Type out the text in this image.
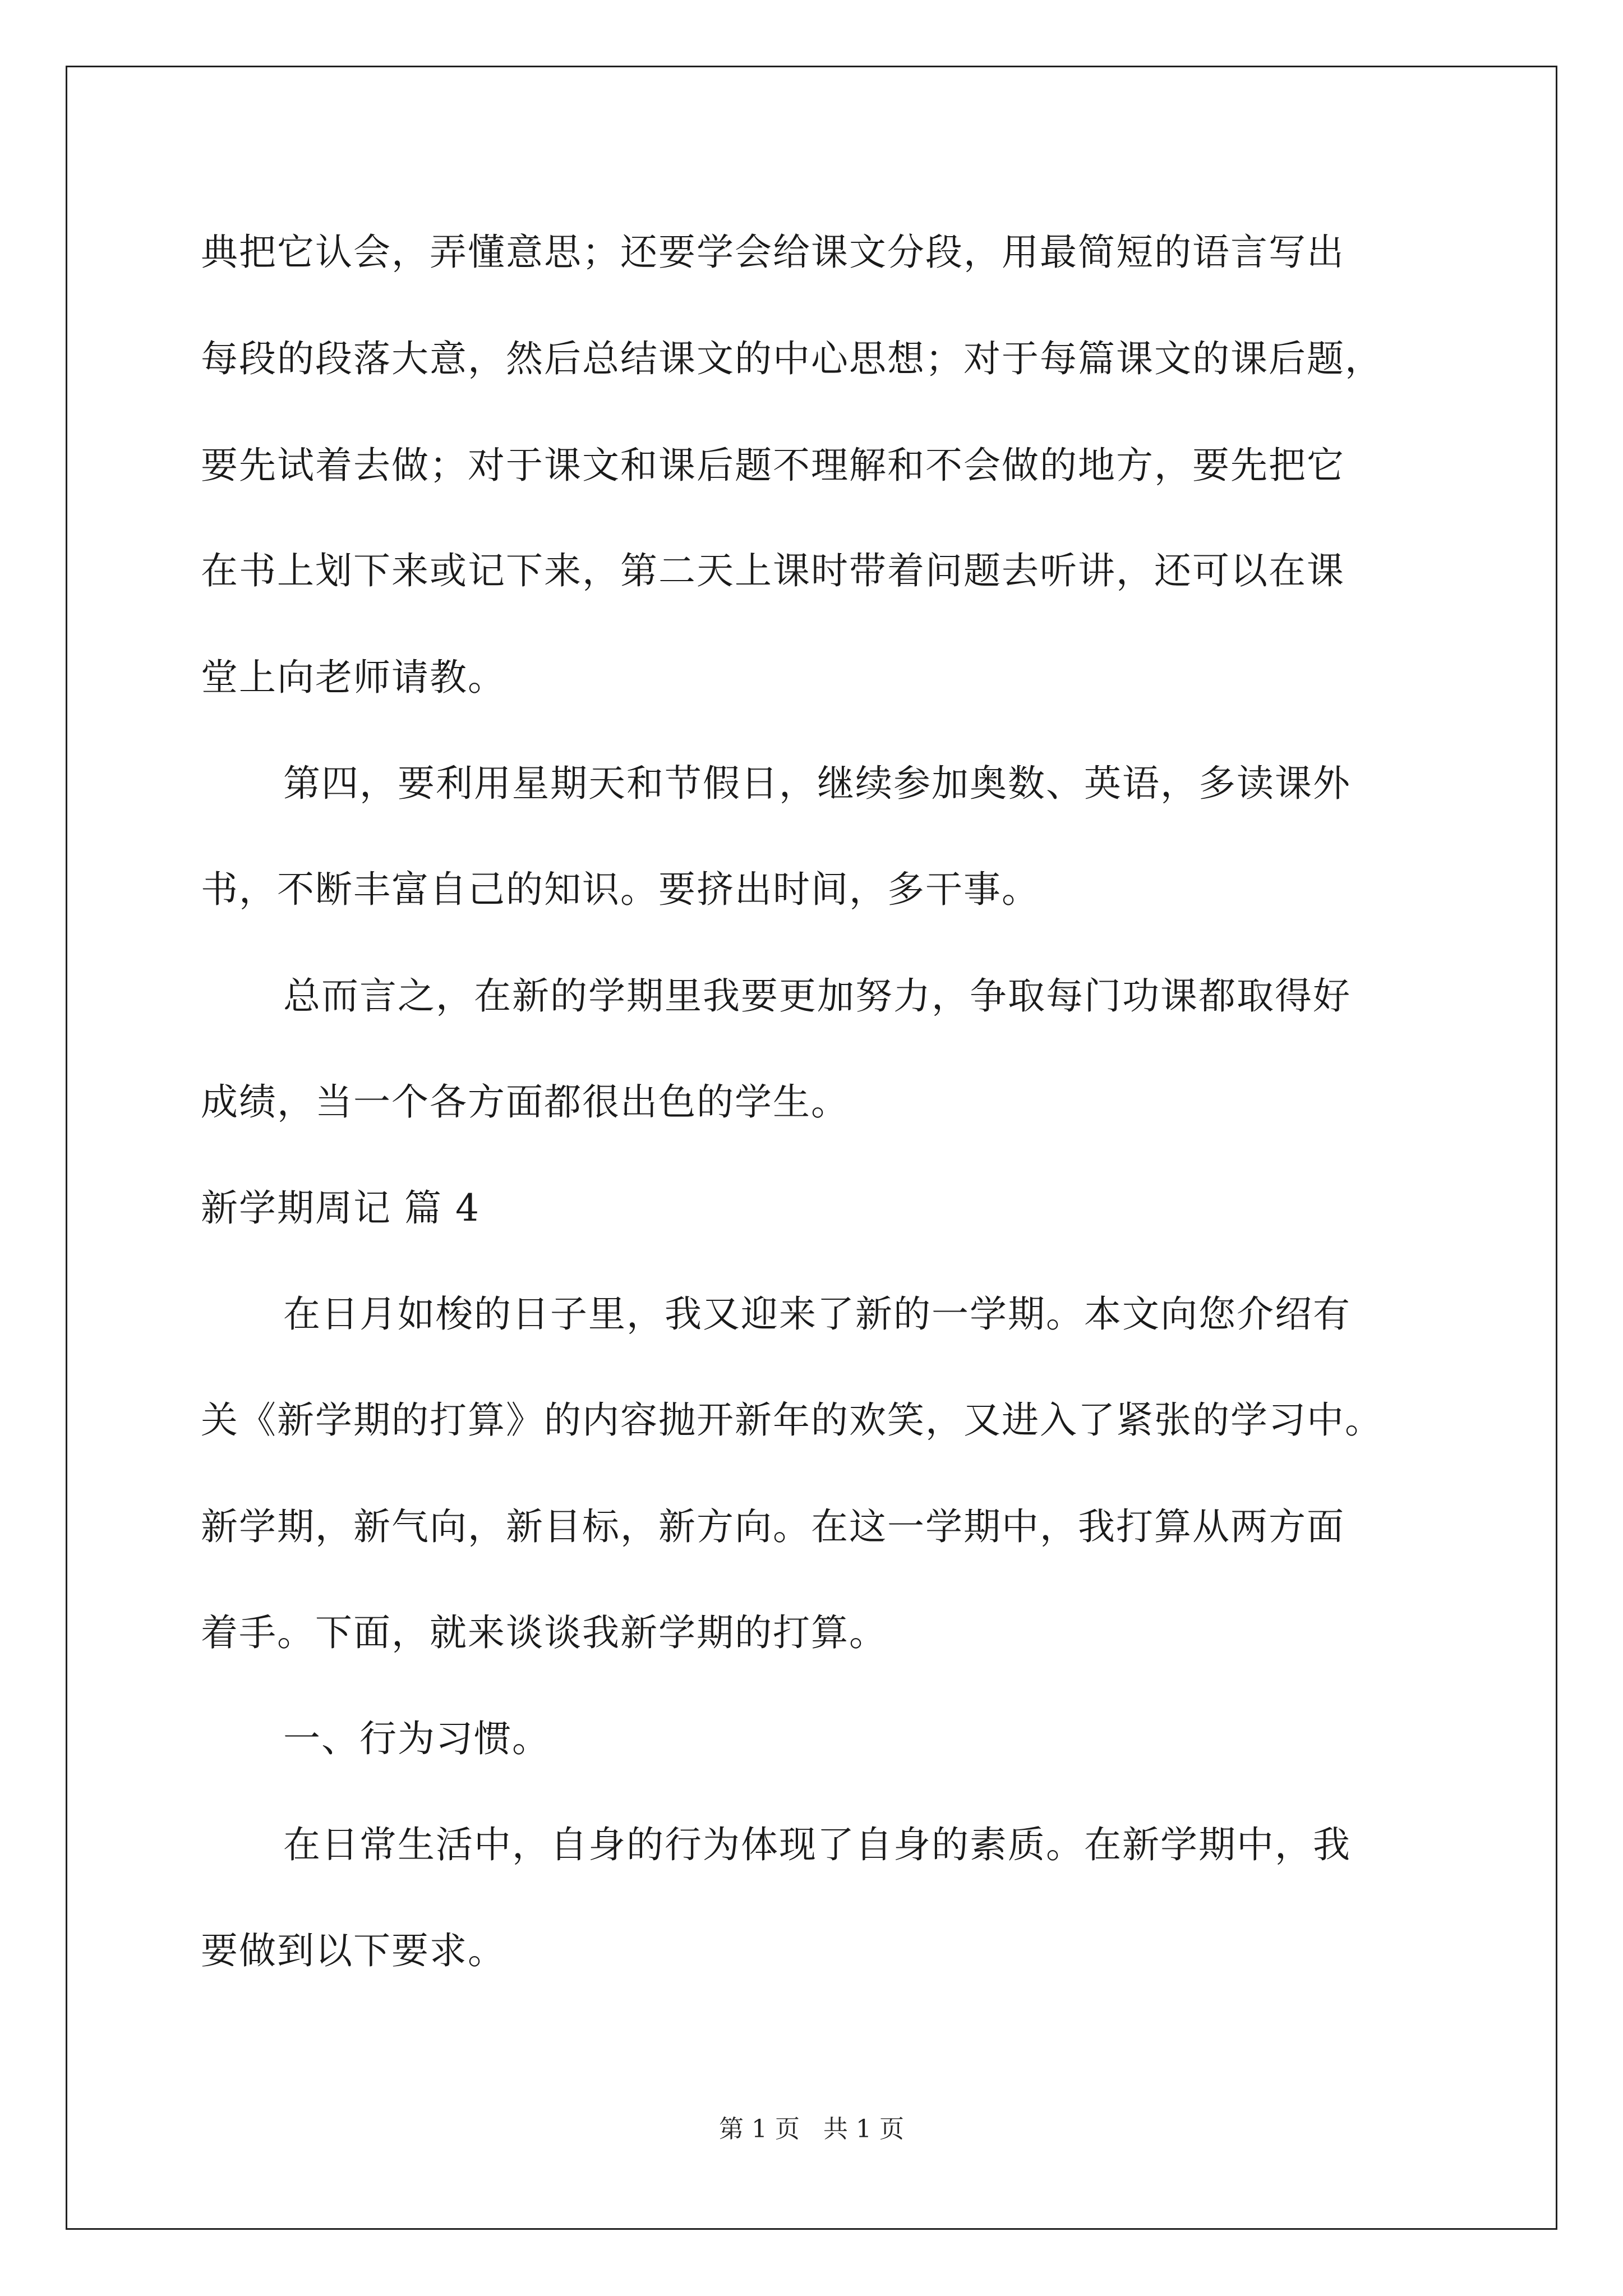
典把它认会，弄懂意思；还要学会给课文分段，用最简短的语言写出
每段的段落大意，然后总结课文的中心思想；对于每篇课文的课后题，
要先试着去做；对于课文和课后题不理解和不会做的地方，要先把它
在书上划下来或记下来，第二天上课时带着问题去听讲，还可以在课
堂上向老师请教。
第四，要利用星期天和节假日，继续参加奥数、英语，多读课外
书，不断丰富自己的知识。要挤出时间，多干事。
总而言之，在新的学期里我要更加努力，争取每门功课都取得好
成绩，当一个各方面都很出色的学生。
新学期周记 篇 4
在日月如梭的日子里，我又迎来了新的一学期。本文向您介绍有
关《新学期的打算》的内容抛开新年的欢笑，又进入了紧张的学习中。
新学期，新气向，新目标，新方向。在这一学期中，我打算从两方面
着手。下面，就来谈谈我新学期的打算。
一、行为习惯。
在日常生活中，自身的行为体现了自身的素质。在新学期中，我
要做到以下要求。
第 1 页 共 1 页
